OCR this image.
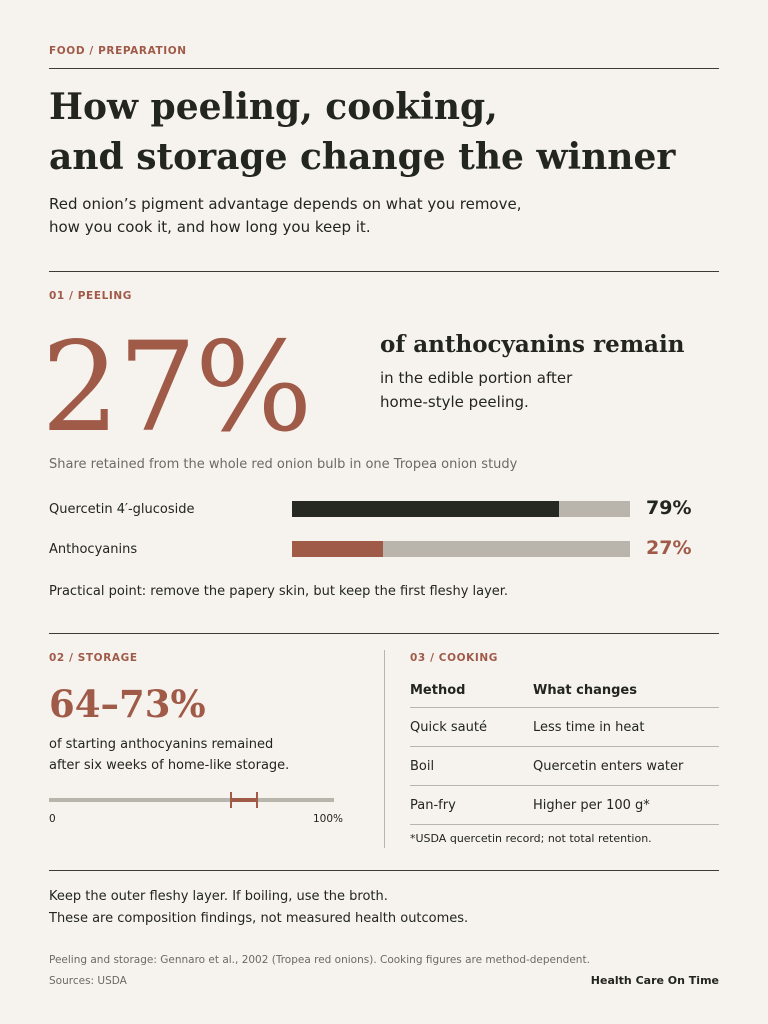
FOOD / PREPARATION
How peeling, cooking,
and storage change the winner
Red onion’s pigment advantage depends on what you remove,
how you cook it, and how long you keep it.
01 / PEELING
27%	of anthocyanins remain
in the edible portion after
home-style peeling.
Share retained from the whole red onion bulb in one Tropea onion study
Quercetin 4′-glucoside	79%
Anthocyanins	27%
Practical point: remove the papery skin, but keep the first fleshy layer.
02 / STORAGE
64–73%
of starting anthocyanins remained
after six weeks of home-like storage.
0	100%
03 / COOKING
Method	What changes
Quick sauté	Less time in heat
Boil	Quercetin enters water
Pan-fry	Higher per 100 g*
*USDA quercetin record; not total retention.
Keep the outer fleshy layer. If boiling, use the broth.
These are composition findings, not measured health outcomes.
Peeling and storage: Gennaro et al., 2002 (Tropea red onions). Cooking figures are method-dependent.
Sources: USDA	Health Care On Time
